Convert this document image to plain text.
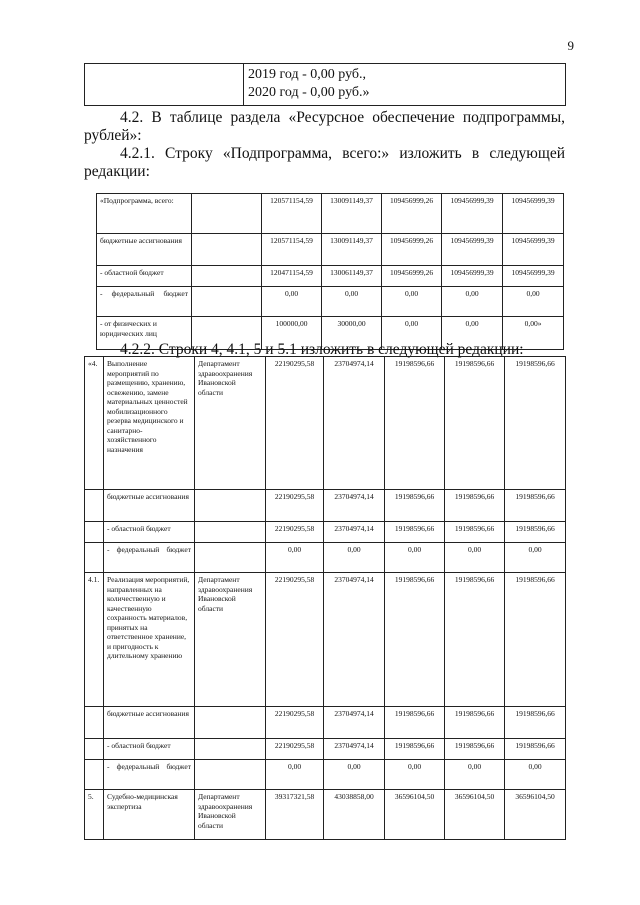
9

2019 год - 0,00 руб.,
2020 год - 0,00 руб.»
4.2. В таблице раздела «Ресурсное обеспечение подпрограммы, рублей»:
4.2.1. Строку «Подпрограмма, всего:» изложить в следующей редакции:
«Подпрограмма, всего:		120571154,59	130091149,37	109456999,26	109456999,39	109456999,39
бюджетные ассигнования		120571154,59	130091149,37	109456999,26	109456999,39	109456999,39
- областной бюджет		120471154,59	130061149,37	109456999,26	109456999,39	109456999,39
- федеральный бюджет		0,00	0,00	0,00	0,00	0,00
- от физических и юридических лиц		100000,00	30000,00	0,00	0,00	0,00»
4.2.2. Строки 4, 4.1, 5 и 5.1 изложить в следующей редакции:
«4.	Выполнение мероприятий по размещению, хранению, освежению, замене материальных ценностей мобилизационного резерва медицинского и санитарно-хозяйственного назначения	Департамент здравоохранения Ивановской области	22190295,58	23704974,14	19198596,66	19198596,66	19198596,66
	бюджетные ассигнования		22190295,58	23704974,14	19198596,66	19198596,66	19198596,66
	- областной бюджет		22190295,58	23704974,14	19198596,66	19198596,66	19198596,66
	- федеральный бюджет		0,00	0,00	0,00	0,00	0,00
4.1.	Реализация мероприятий, направленных на количественную и качественную сохранность материалов, принятых на ответственное хранение, и пригодность к длительному хранению	Департамент здравоохранения Ивановской области	22190295,58	23704974,14	19198596,66	19198596,66	19198596,66
	бюджетные ассигнования		22190295,58	23704974,14	19198596,66	19198596,66	19198596,66
	- областной бюджет		22190295,58	23704974,14	19198596,66	19198596,66	19198596,66
	- федеральный бюджет		0,00	0,00	0,00	0,00	0,00
5.	Судебно-медицинская экспертиза	Департамент здравоохранения Ивановской области	39317321,58	43038858,00	36596104,50	36596104,50	36596104,50
